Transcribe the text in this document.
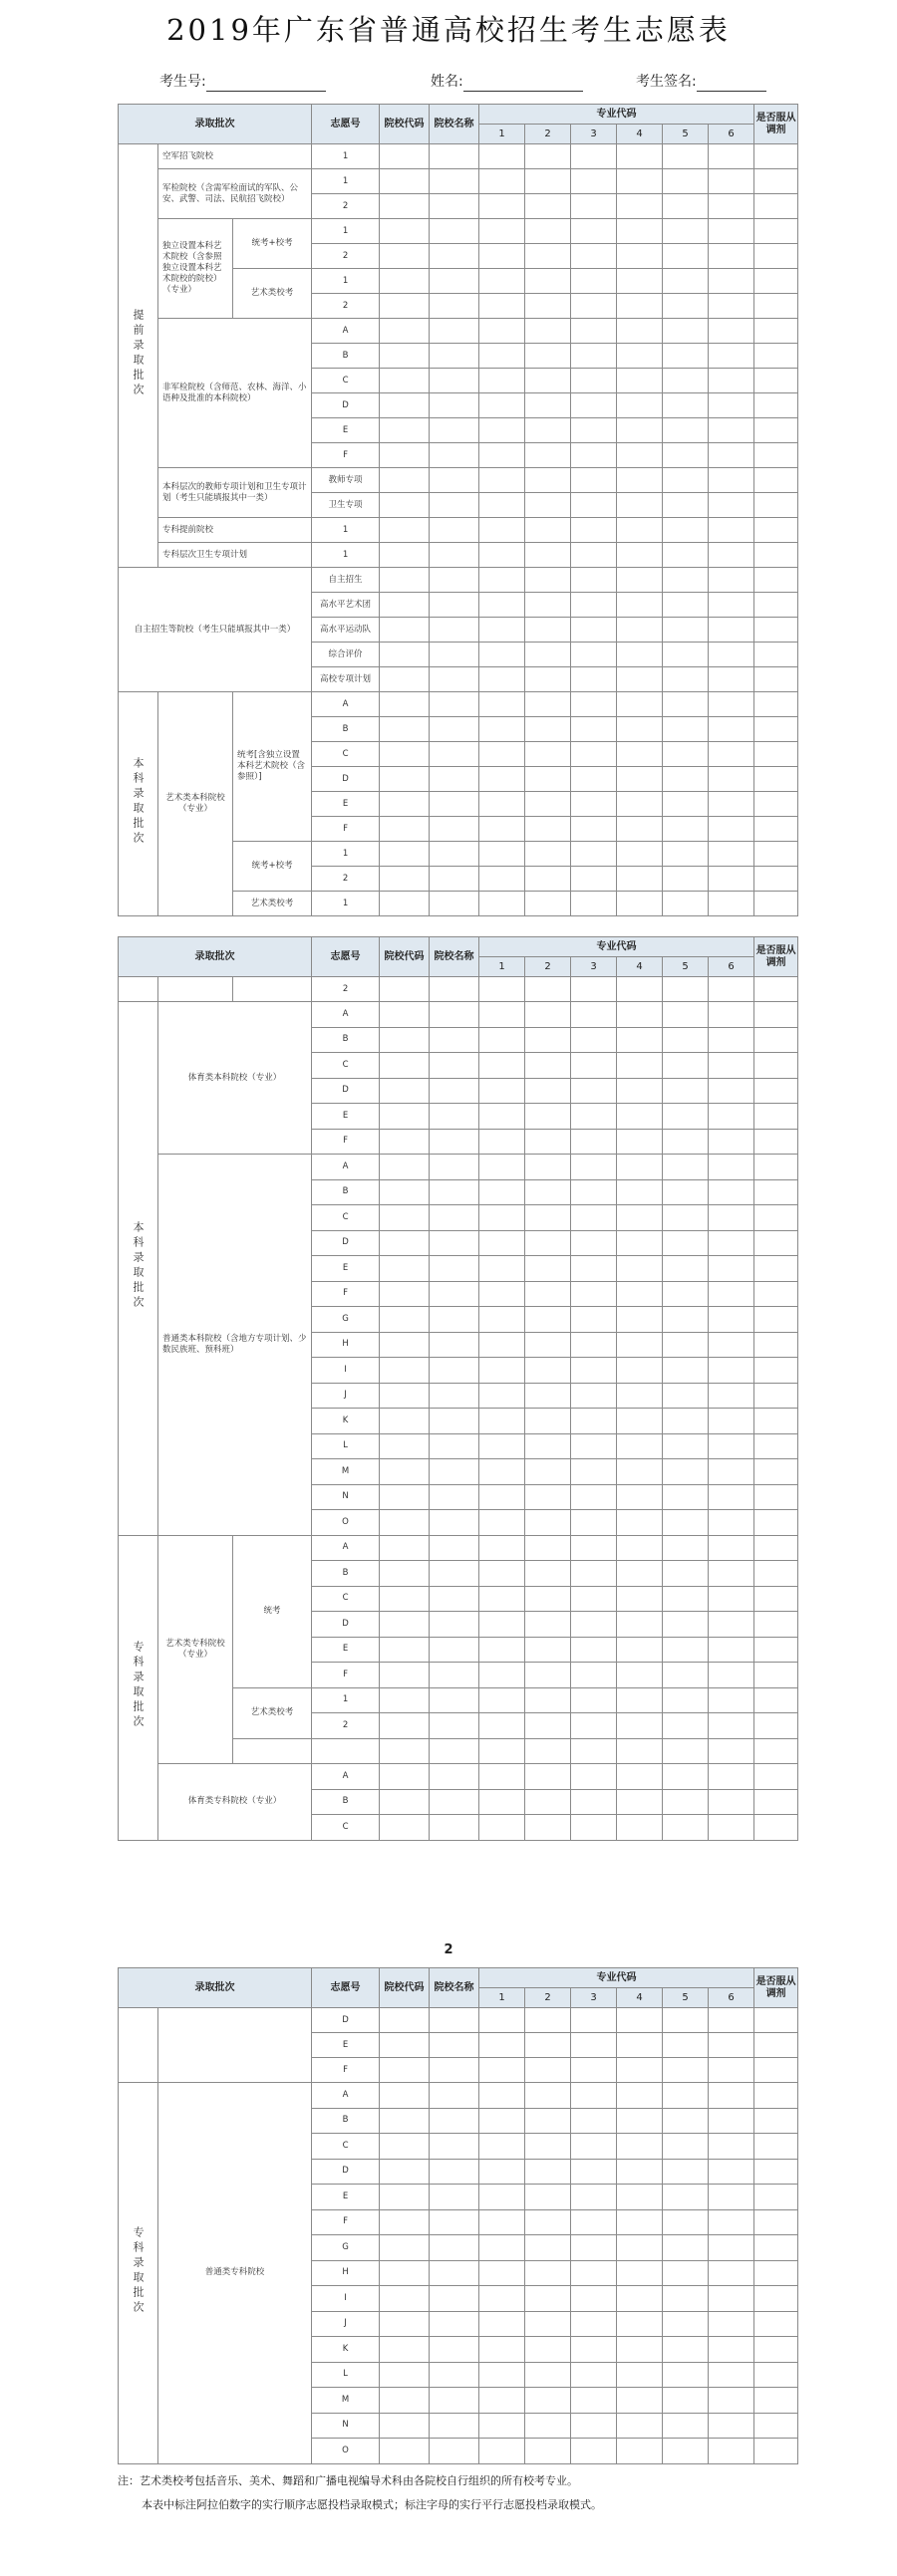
2019年广东省普通高校招生考生志愿表
考生号:	姓名:	考生签名:
录取批次			志愿号	院校代码	院校名称	专业代码						是否服从调剂
						1	2	3	4	5	6	
提前录取批次	空军招飞院校		1									
	军检院校（含需军检面试的军队、公安、武警、司法、民航招飞院校）		1									
			2									
	独立设置本科艺术院校（含参照独立设置本科艺术院校的院校）（专业）	统考+校考	1									
			2									
		艺术类校考	1									
			2									
	非军检院校（含师范、农林、海洋、小语种及批准的本科院校）		A									
			B									
			C									
			D									
			E									
			F									
	本科层次的教师专项计划和卫生专项计划（考生只能填报其中一类）		教师专项									
			卫生专项									
	专科提前院校		1									
	专科层次卫生专项计划		1									
自主招生等院校（考生只能填报其中一类）			自主招生									
			高水平艺术团									
			高水平运动队									
			综合评价									
			高校专项计划									
本科录取批次	艺术类本科院校（专业）	统考[含独立设置本科艺术院校（含参照）]	A									
			B									
			C									
			D									
			E									
			F									
		统考+校考	1									
			2									
		艺术类校考	1									
录取批次			志愿号	院校代码	院校名称	专业代码						是否服从调剂
						1	2	3	4	5	6	
			2									
本科录取批次	体育类本科院校（专业）		A									
			B									
			C									
			D									
			E									
			F									
	普通类本科院校（含地方专项计划、少数民族班、预科班）		A									
			B									
			C									
			D									
			E									
			F									
			G									
			H									
			I									
			J									
			K									
			L									
			M									
			N									
			O									
专科录取批次	艺术类专科院校（专业）	统考	A									
			B									
			C									
			D									
			E									
			F									
		艺术类校考	1									
			2									

	体育类专科院校（专业）		A									
			B									
			C									
2
录取批次		志愿号	院校代码	院校名称	专业代码						是否服从调剂
					1	2	3	4	5	6	
		D									
		E									
		F									
专科录取批次	普通类专科院校	A									
		B									
		C									
		D									
		E									
		F									
		G									
		H									
		I									
		J									
		K									
		L									
		M									
		N									
		O									
注：艺术类校考包括音乐、美术、舞蹈和广播电视编导术科由各院校自行组织的所有校考专业。
本表中标注阿拉伯数字的实行顺序志愿投档录取模式；标注字母的实行平行志愿投档录取模式。
